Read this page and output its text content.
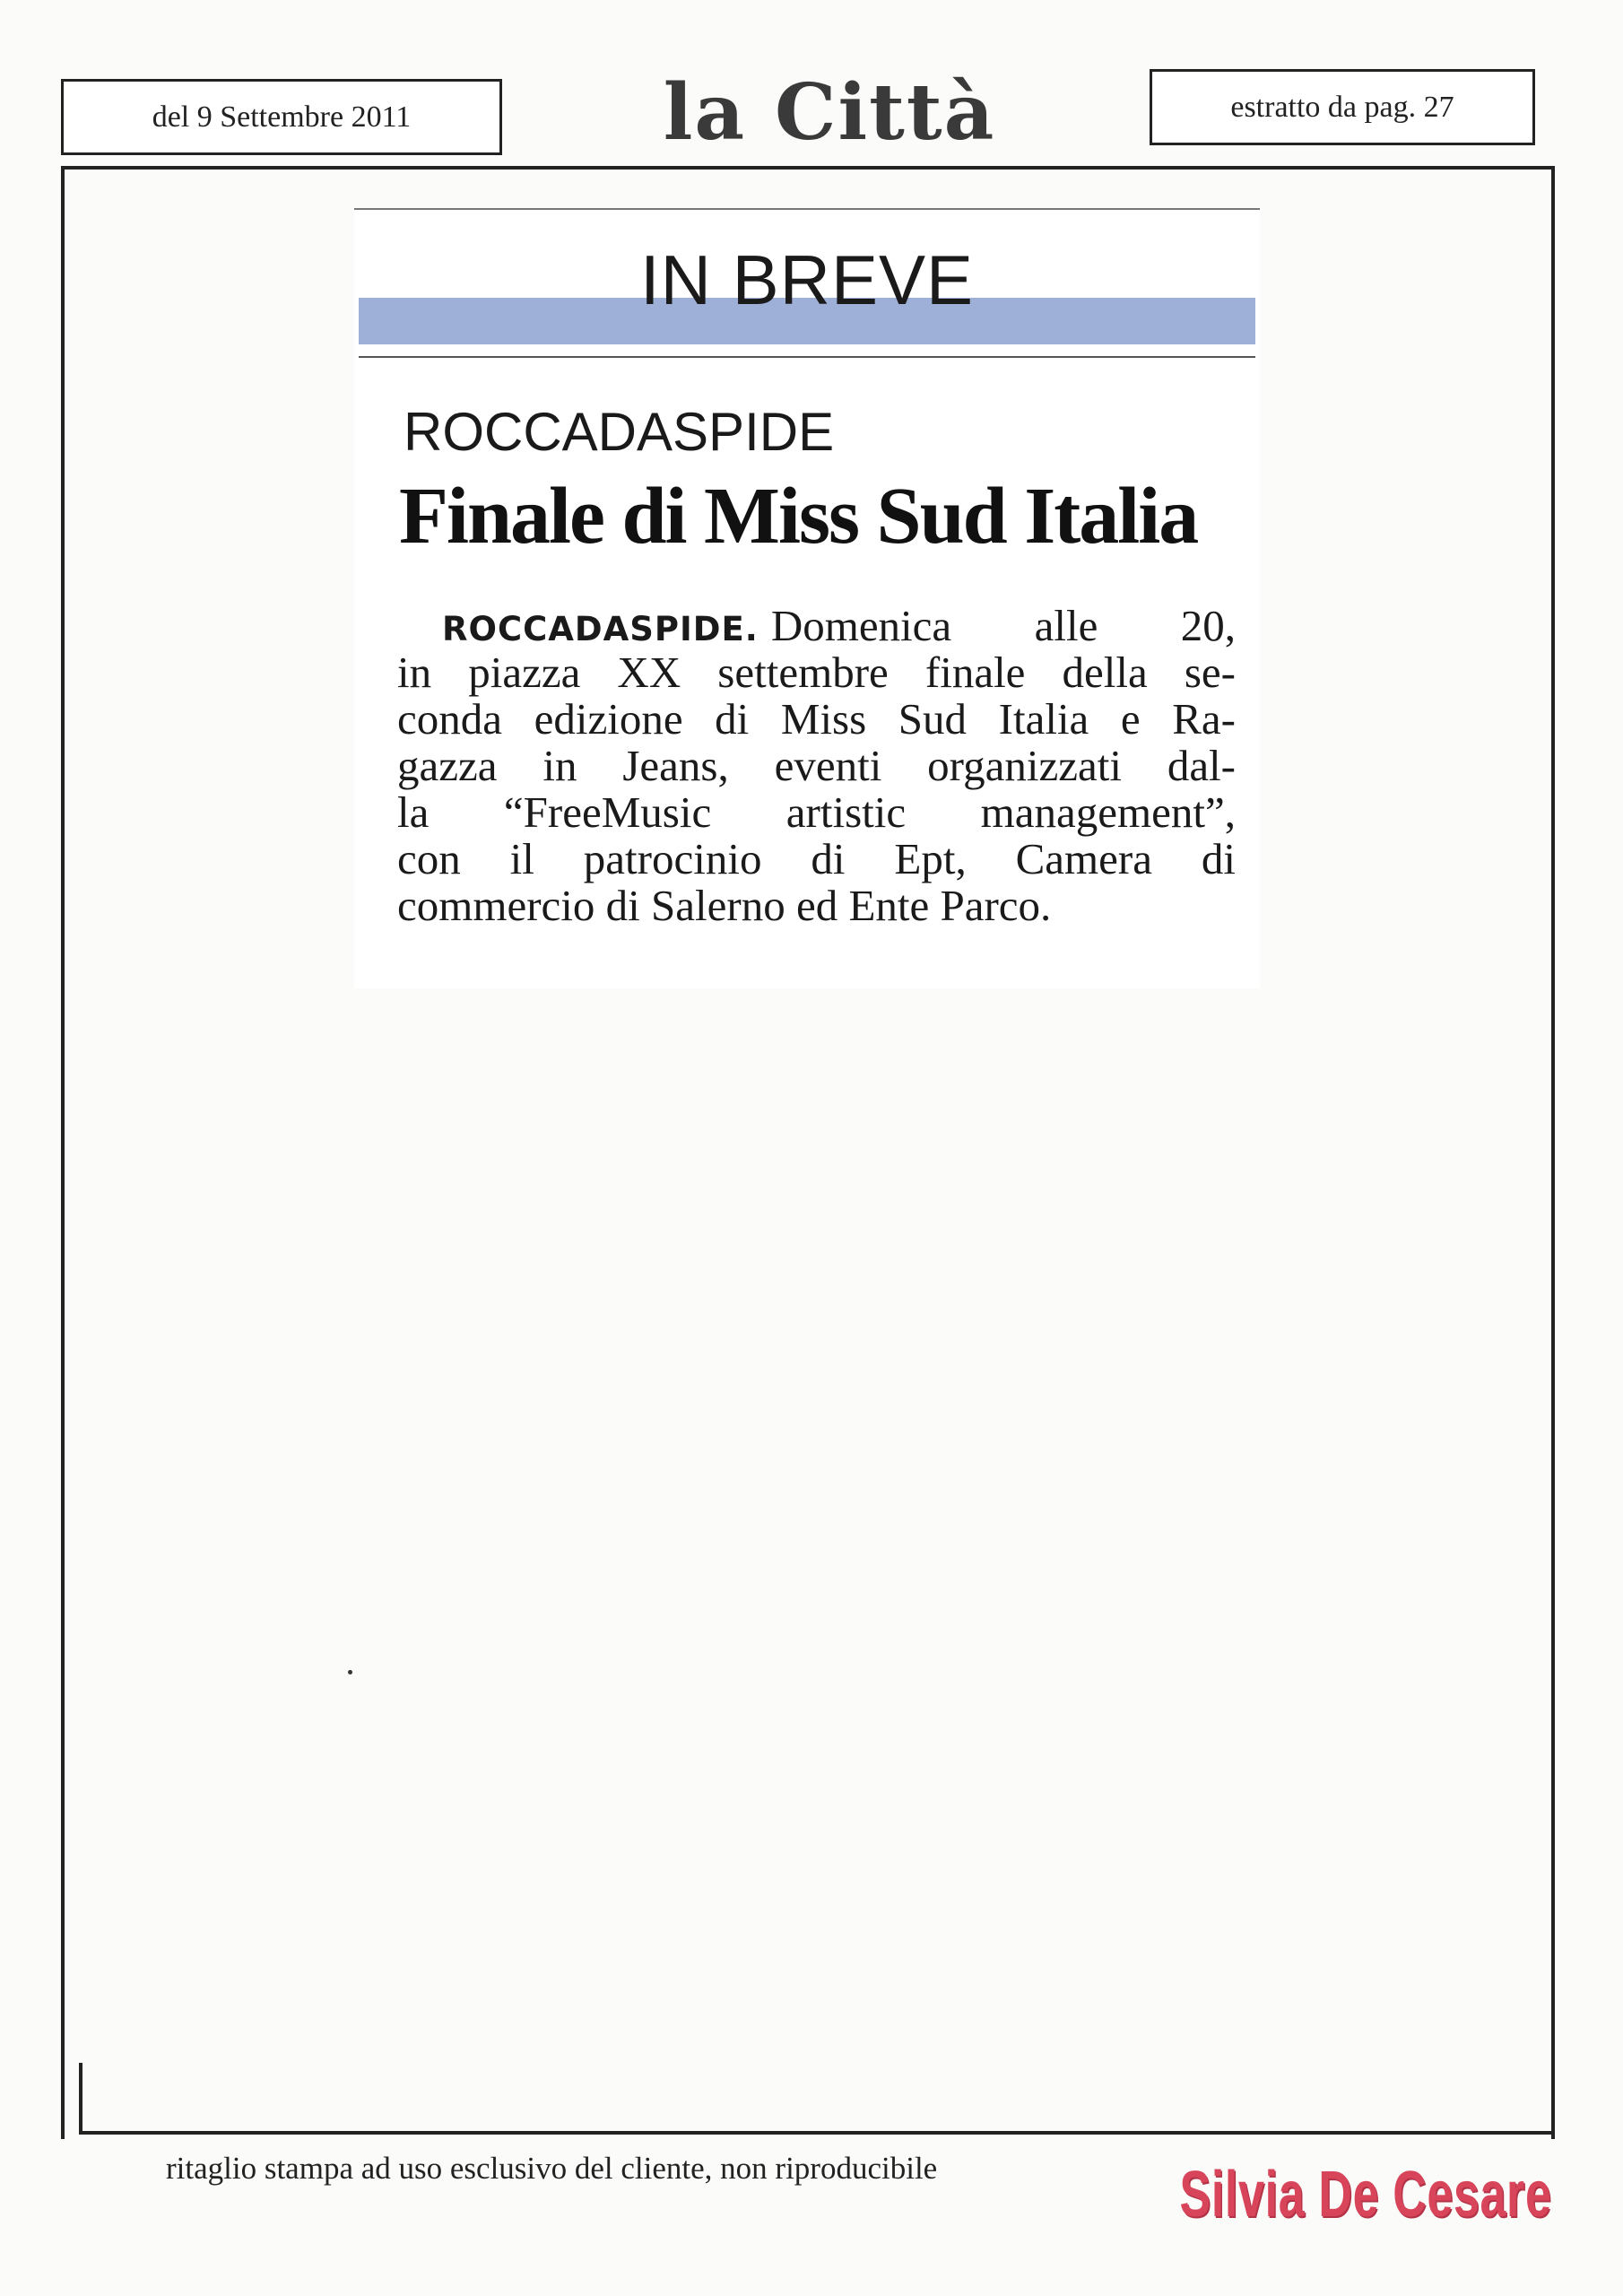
del 9 Settembre 2011	la Città	estratto da pag. 27
IN BREVE
ROCCADASPIDE
Finale di Miss Sud Italia
ROCCADASPIDE. Domenica alle 20,
in piazza XX settembre finale della se-
conda edizione di Miss Sud Italia e Ra-
gazza in Jeans, eventi organizzati dal-
la “FreeMusic artistic management”,
con il patrocinio di Ept, Camera di
commercio di Salerno ed Ente Parco.
ritaglio stampa ad uso esclusivo del cliente, non riproducibile	Silvia De Cesare
